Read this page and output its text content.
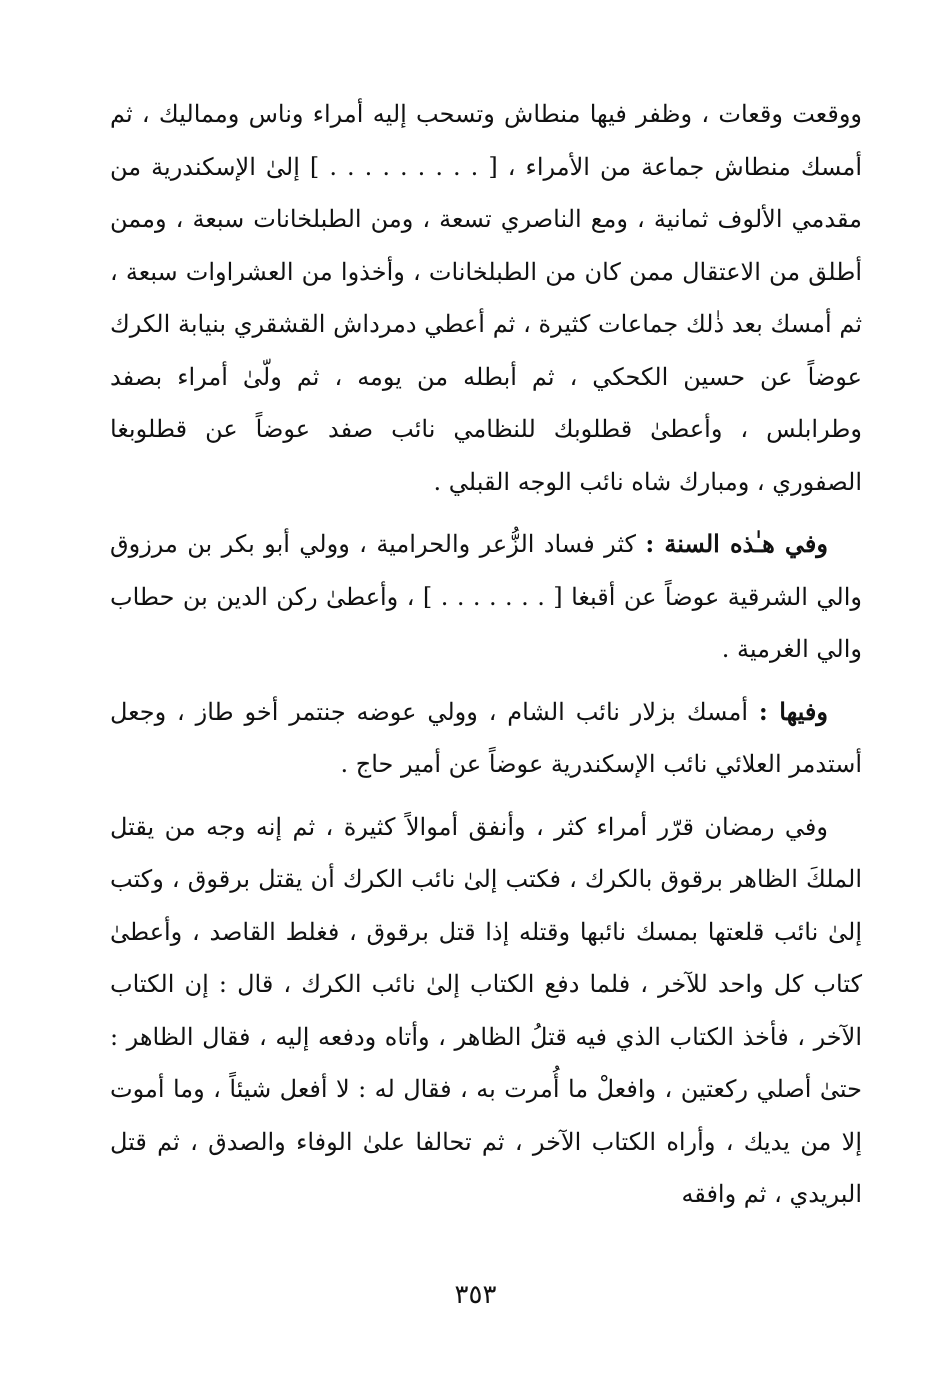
ووقعت وقعات ، وظفر فيها منطاش وتسحب إليه أمراء وناس ومماليك ، ثم أمسك منطاش جماعة من الأمراء ، [ . . . . . . . . . ] إلىٰ الإسكندرية من مقدمي الألوف ثمانية ، ومع الناصري تسعة ، ومن الطبلخانات سبعة ، وممن أطلق من الاعتقال ممن كان من الطبلخانات ، وأخذوا من العشراوات سبعة ، ثم أمسك بعد ذٰلك جماعات كثيرة ، ثم أعطي دمرداش القشقري بنيابة الكرك عوضاً عن حسين الكحكي ، ثم أبطله من يومه ، ثم ولّىٰ أمراء بصفد وطرابلس ، وأعطىٰ قطلوبك للنظامي نائب صفد عوضاً عن قطلوبغا الصفوري ، ومبارك شاه نائب الوجه القبلي .

وفي هـٰذه السنة : كثر فساد الزُّعر والحرامية ، وولي أبو بكر بن مرزوق والي الشرقية عوضاً عن أقبغا [ . . . . . . . ] ، وأعطىٰ ركن الدين بن حطاب والي الغرمية .

وفيها : أمسك بزلار نائب الشام ، وولي عوضه جنتمر أخو طاز ، وجعل أستدمر العلائي نائب الإسكندرية عوضاً عن أمير حاج .

وفي رمضان قرّر أمراء كثر ، وأنفق أموالاً كثيرة ، ثم إنه وجه من يقتل الملكَ الظاهر برقوق بالكرك ، فكتب إلىٰ نائب الكرك أن يقتل برقوق ، وكتب إلىٰ نائب قلعتها بمسك نائبها وقتله إذا قتل برقوق ، فغلط القاصد ، وأعطىٰ كتاب كل واحد للآخر ، فلما دفع الكتاب إلىٰ نائب الكرك ، قال : إن الكتاب الآخر ، فأخذ الكتاب الذي فيه قتلُ الظاهر ، وأتاه ودفعه إليه ، فقال الظاهر : حتىٰ أصلي ركعتين ، وافعلْ ما أُمرت به ، فقال له : لا أفعل شيئاً ، وما أموت إلا من يديك ، وأراه الكتاب الآخر ، ثم تحالفا علىٰ الوفاء والصدق ، ثم قتل البريدي ، ثم وافقه

٣٥٣
